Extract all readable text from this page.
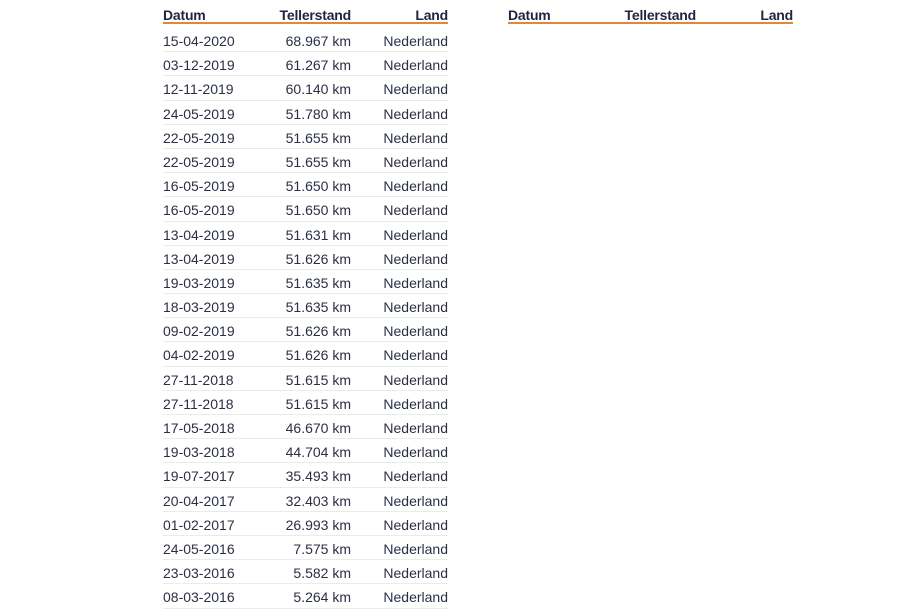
Datum	Tellerstand	Land
15-04-2020	68.967 km Nederland
03-12-2019	61.267 km Nederland
12-11-2019	60.140 km Nederland
24-05-2019	51.780 km Nederland
22-05-2019	51.655 km Nederland
22-05-2019	51.655 km Nederland
16-05-2019	51.650 km Nederland
16-05-2019	51.650 km Nederland
13-04-2019	51.631 km Nederland
13-04-2019	51.626 km Nederland
19-03-2019	51.635 km Nederland
18-03-2019	51.635 km Nederland
09-02-2019	51.626 km Nederland
04-02-2019	51.626 km Nederland
27-11-2018	51.615 km Nederland
27-11-2018	51.615 km Nederland
17-05-2018	46.670 km Nederland
19-03-2018	44.704 km Nederland
19-07-2017	35.493 km Nederland
20-04-2017	32.403 km Nederland
01-02-2017	26.993 km Nederland
24-05-2016	7.575 km Nederland
23-03-2016	5.582 km Nederland
08-03-2016	5.264 km Nederland
Datum	Tellerstand	Land
